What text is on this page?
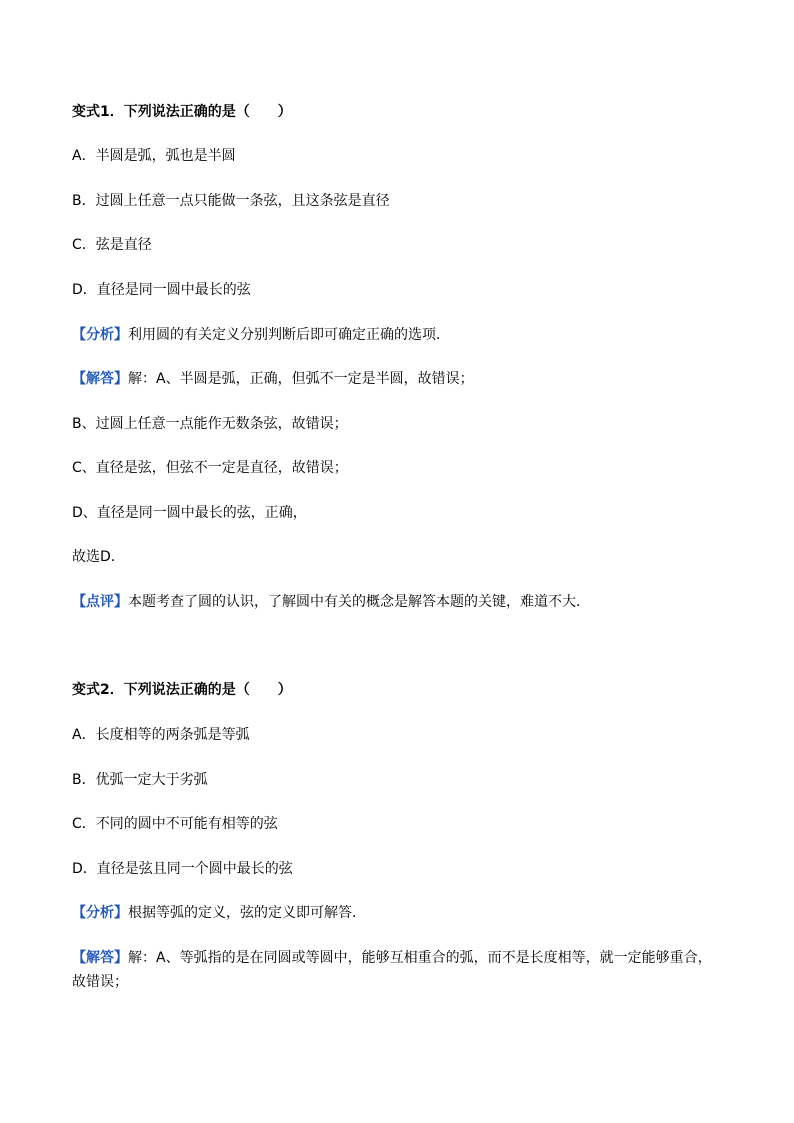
变式1．下列说法正确的是（　　）
A．半圆是弧，弧也是半圆
B．过圆上任意一点只能做一条弦，且这条弦是直径
C．弦是直径
D．直径是同一圆中最长的弦
【分析】利用圆的有关定义分别判断后即可确定正确的选项．
【解答】解：A、半圆是弧，正确，但弧不一定是半圆，故错误；
B、过圆上任意一点能作无数条弦，故错误；
C、直径是弦，但弦不一定是直径，故错误；
D、直径是同一圆中最长的弦，正确，
故选D．
【点评】本题考查了圆的认识，了解圆中有关的概念是解答本题的关键，难道不大．
变式2．下列说法正确的是（　　）
A．长度相等的两条弧是等弧
B．优弧一定大于劣弧
C．不同的圆中不可能有相等的弦
D．直径是弦且同一个圆中最长的弦
【分析】根据等弧的定义，弦的定义即可解答．
【解答】解：A、等弧指的是在同圆或等圆中，能够互相重合的弧，而不是长度相等，就一定能够重合，故错误；
